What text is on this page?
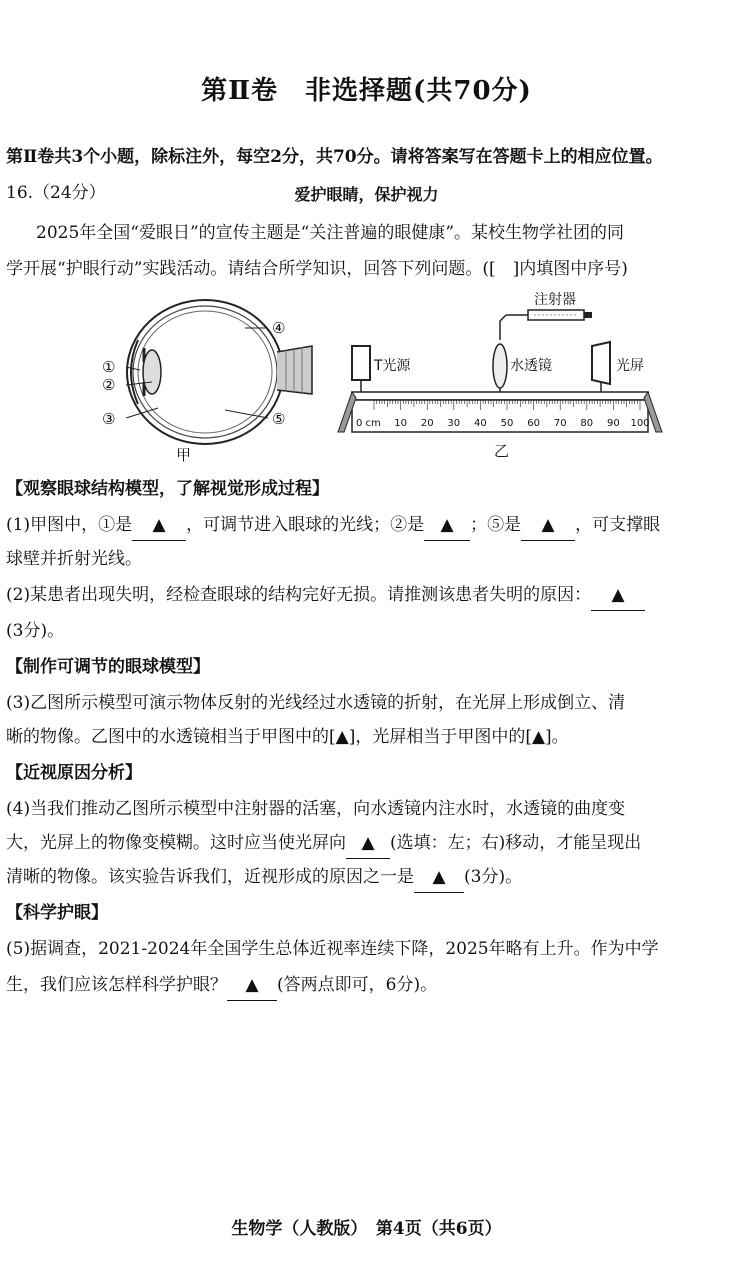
第Ⅱ卷　非选择题(共70分)
第Ⅱ卷共3个小题，除标注外，每空2分，共70分。请将答案写在答题卡上的相应位置。
16.（24分）	爱护眼睛，保护视力
2025年全国“爱眼日”的宣传主题是“关注普遍的眼健康”。某校生物学社团的同
学开展“护眼行动”实践活动。请结合所学知识，回答下列问题。([　]内填图中序号)
①
②
③
④
⑤
甲
注射器
T光源	水透镜	光屏
0 cm 10 20 30 40 50 60 70 80 90 100
乙
【观察眼球结构模型，了解视觉形成过程】
(1)甲图中，①是 ▲ ，可调节进入眼球的光线；②是 ▲ ；⑤是 ▲ ，可支撑眼
球壁并折射光线。
(2)某患者出现失明，经检查眼球的结构完好无损。请推测该患者失明的原因： ▲
(3分)。
【制作可调节的眼球模型】
(3)乙图所示模型可演示物体反射的光线经过水透镜的折射，在光屏上形成倒立、清
晰的物像。乙图中的水透镜相当于甲图中的[▲]，光屏相当于甲图中的[▲]。
【近视原因分析】
(4)当我们推动乙图所示模型中注射器的活塞，向水透镜内注水时，水透镜的曲度变
大，光屏上的物像变模糊。这时应当使光屏向 ▲ (选填：左；右)移动，才能呈现出
清晰的物像。该实验告诉我们，近视形成的原因之一是 ▲ (3分)。
【科学护眼】
(5)据调查，2021-2024年全国学生总体近视率连续下降，2025年略有上升。作为中学
生，我们应该怎样科学护眼？ ▲ (答两点即可，6分)。
生物学（人教版）　第4页（共6页）
